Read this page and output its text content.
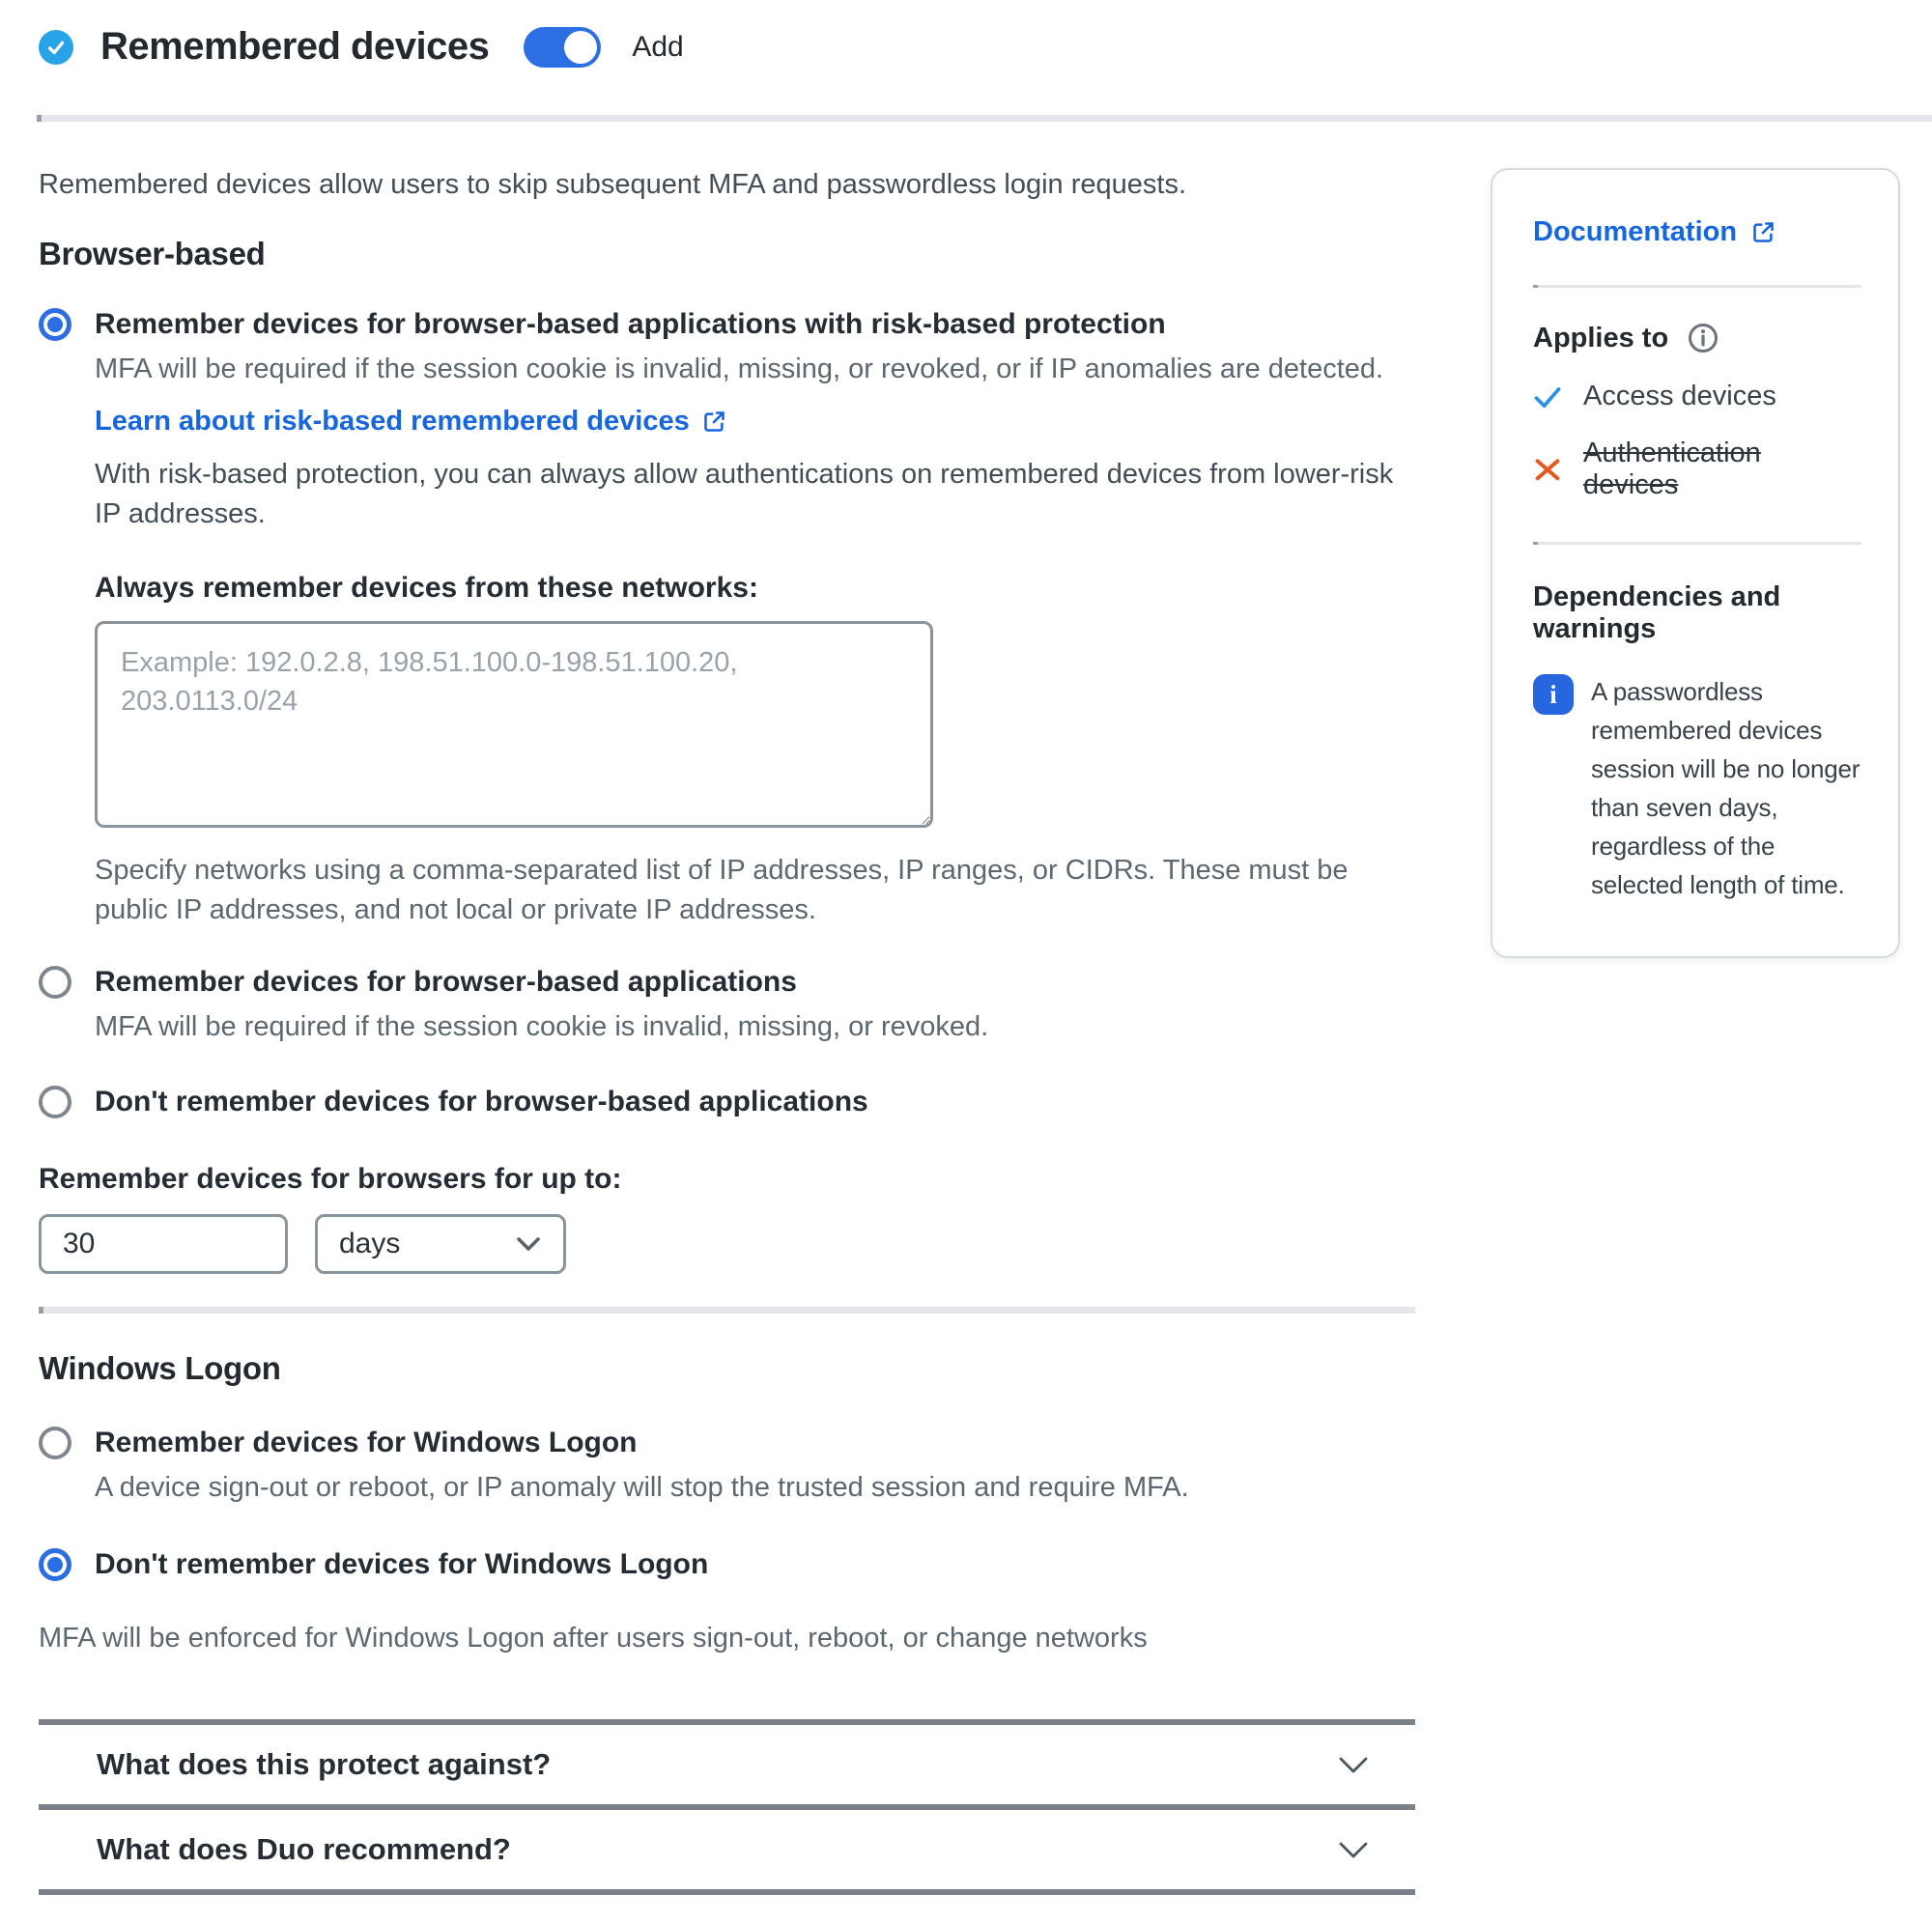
Remembered devices	Add

Remembered devices allow users to skip subsequent MFA and passwordless login requests.

Browser-based
Remember devices for browser-based applications with risk-based protection

MFA will be required if the session cookie is invalid, missing, or revoked, or if IP anomalies are detected.

Learn about risk-based remembered devices

With risk-based protection, you can always allow authentications on remembered devices from lower-risk IP addresses.

Always remember devices from these networks:

Example: 192.0.2.8, 198.51.100.0-198.51.100.20, 203.0113.0/24

Specify networks using a comma-separated list of IP addresses, IP ranges, or CIDRs. These must be public IP addresses, and not local or private IP addresses.

Remember devices for browser-based applications

MFA will be required if the session cookie is invalid, missing, or revoked.

Don't remember devices for browser-based applications

Remember devices for browsers for up to:

30
days
Windows Logon
Remember devices for Windows Logon

A device sign-out or reboot, or IP anomaly will stop the trusted session and require MFA.

Don't remember devices for Windows Logon

MFA will be enforced for Windows Logon after users sign-out, reboot, or change networks

What does this protect against?
What does Duo recommend?
Documentation
Applies to
Access devices
Authentication devices

Dependencies and warnings

i	A passwordless remembered devices session will be no longer than seven days, regardless of the selected length of time.
